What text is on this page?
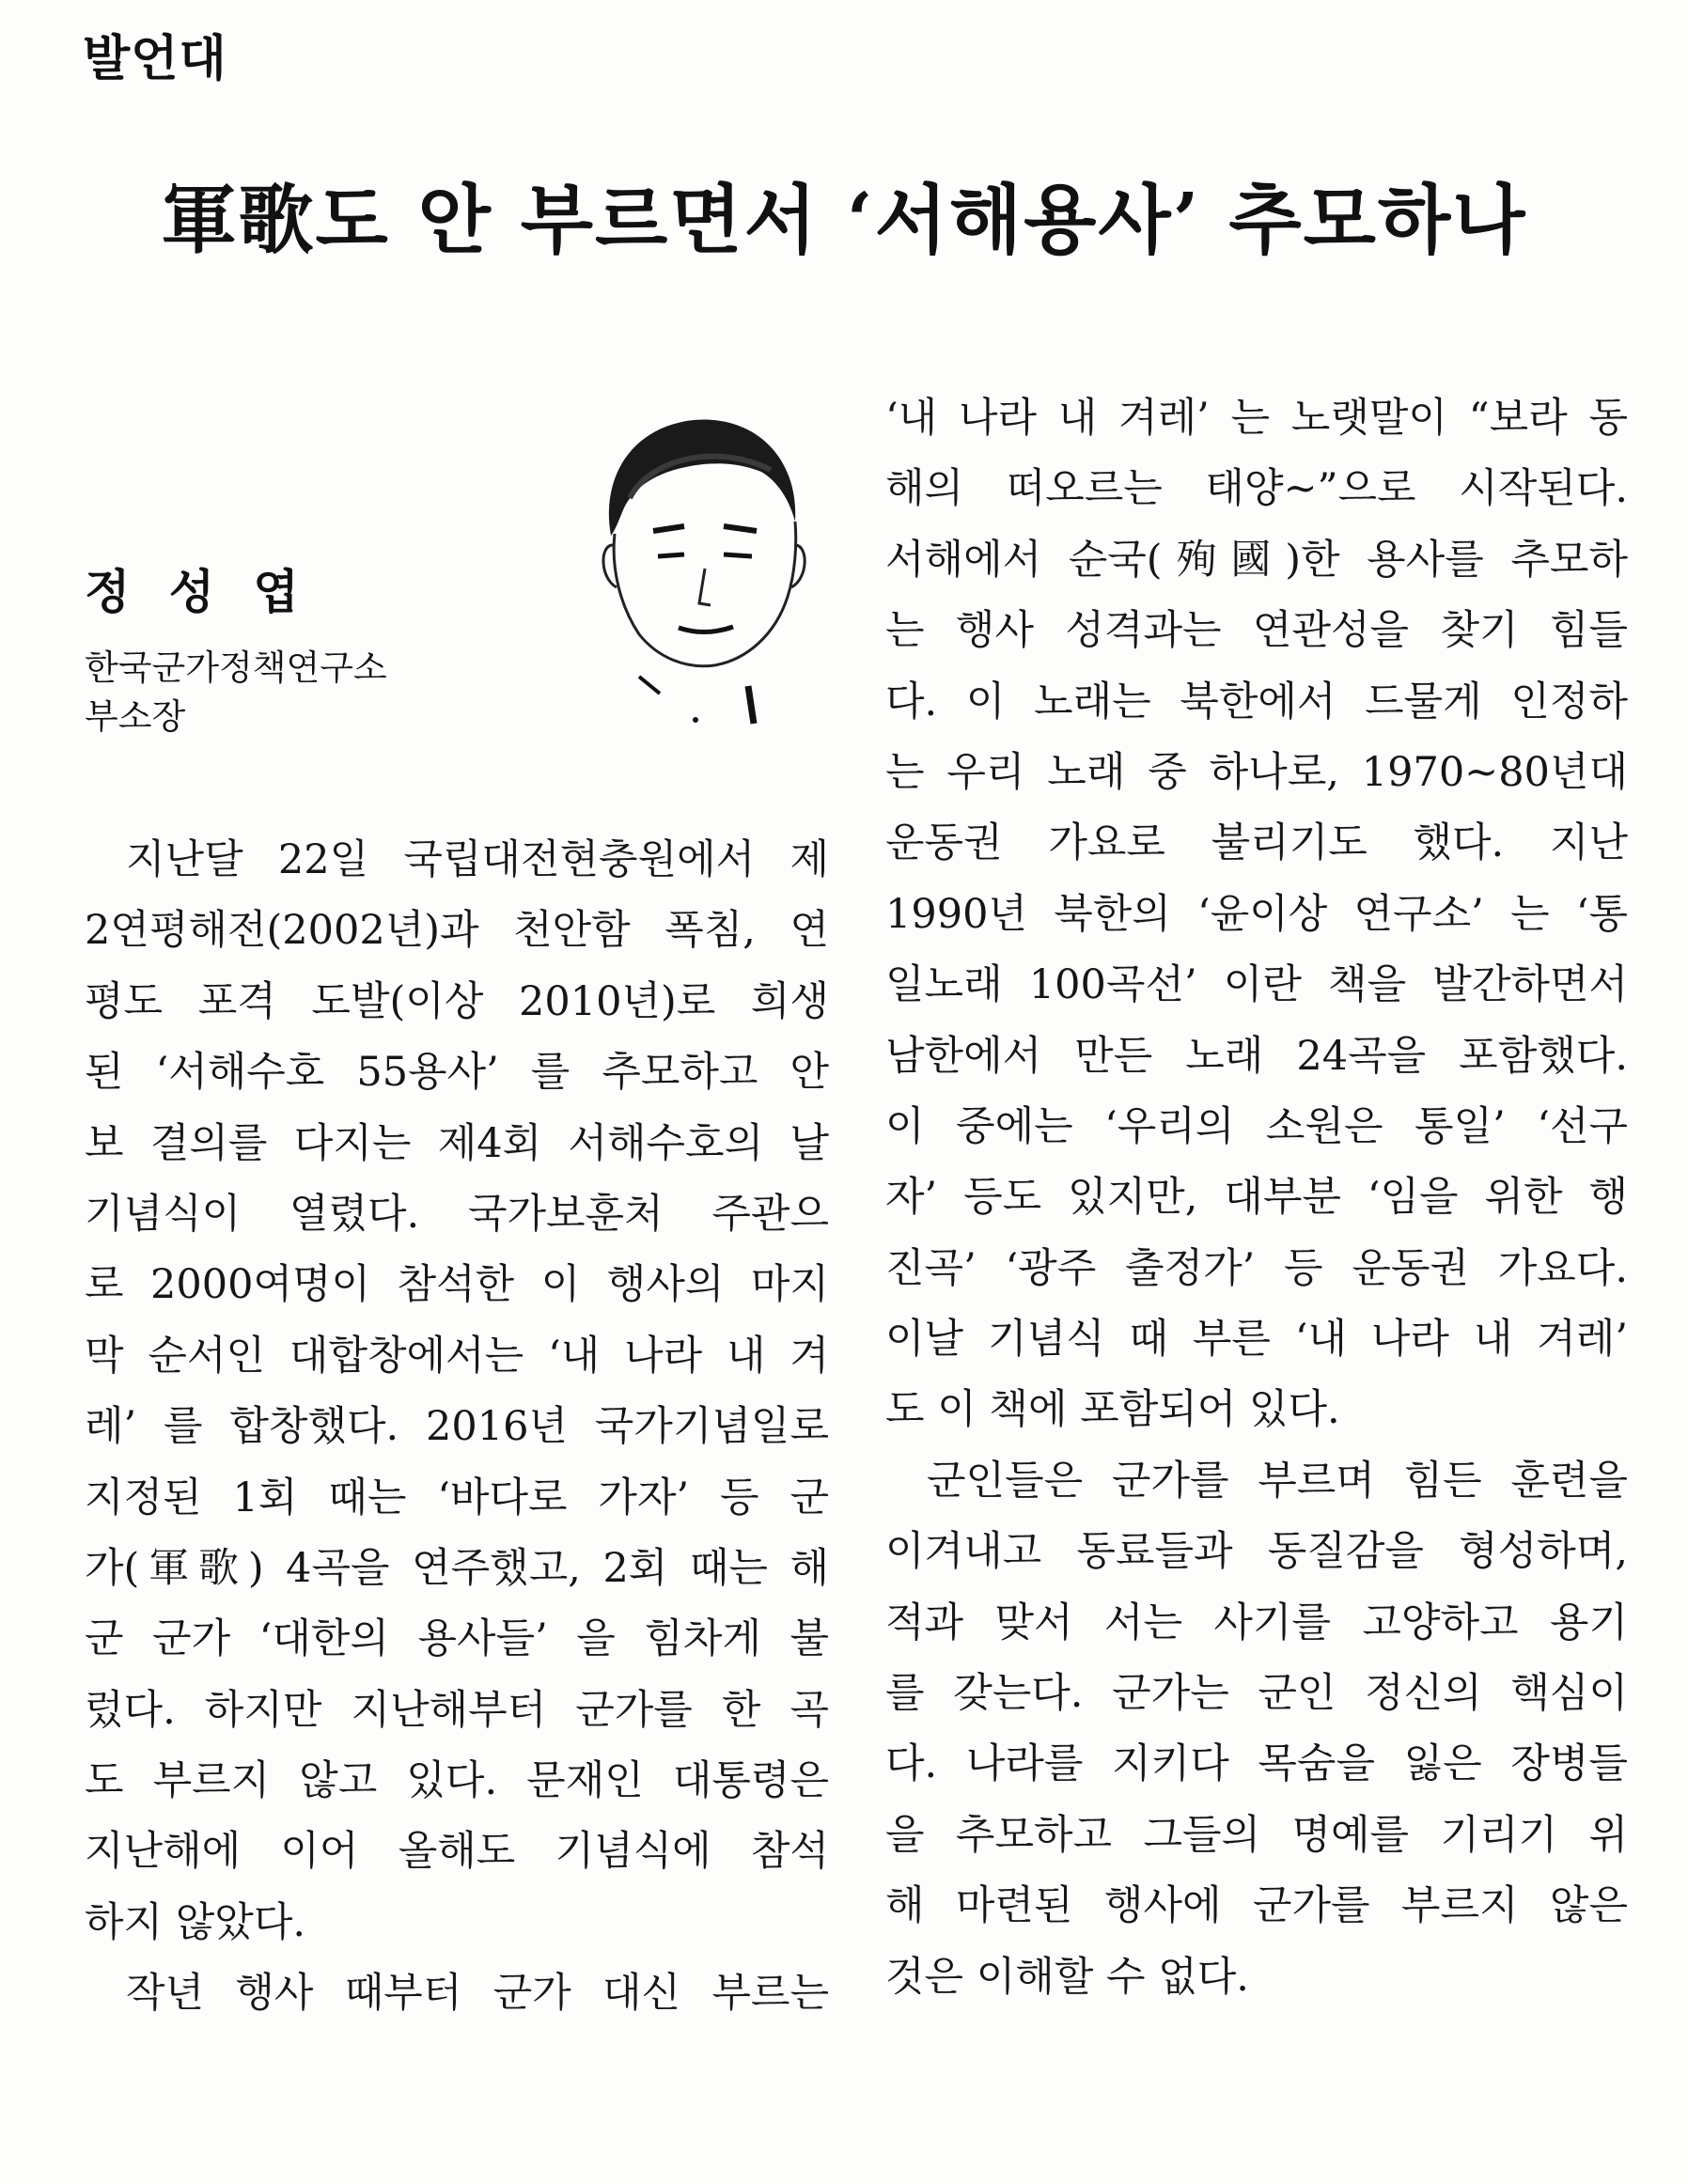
발언대
軍歌도 안 부르면서 ‘서해용사’ 추모하나
정 성 엽
한국군가정책연구소
부소장
지난달 22일 국립대전현충원에서 제
2연평해전(2002년)과 천안함 폭침, 연
평도 포격 도발(이상 2010년)로 희생
된 ‘서해수호 55용사’ 를 추모하고 안
보 결의를 다지는 제4회 서해수호의 날
기념식이 열렸다. 국가보훈처 주관으
로 2000여명이 참석한 이 행사의 마지
막 순서인 대합창에서는 ‘내 나라 내 겨
레’ 를 합창했다. 2016년 국가기념일로
지정된 1회 때는 ‘바다로 가자’ 등 군
가(軍歌) 4곡을 연주했고, 2회 때는 해
군 군가 ‘대한의 용사들’ 을 힘차게 불
렀다. 하지만 지난해부터 군가를 한 곡
도 부르지 않고 있다. 문재인 대통령은
지난해에 이어 올해도 기념식에 참석
하지 않았다.
작년 행사 때부터 군가 대신 부르는
‘내 나라 내 겨레’ 는 노랫말이 “보라 동
해의 떠오르는 태양~”으로 시작된다.
서해에서 순국(殉國)한 용사를 추모하
는 행사 성격과는 연관성을 찾기 힘들
다. 이 노래는 북한에서 드물게 인정하
는 우리 노래 중 하나로, 1970~80년대
운동권 가요로 불리기도 했다. 지난
1990년 북한의 ‘윤이상 연구소’ 는 ‘통
일노래 100곡선’ 이란 책을 발간하면서
남한에서 만든 노래 24곡을 포함했다.
이 중에는 ‘우리의 소원은 통일’ ‘선구
자’ 등도 있지만, 대부분 ‘임을 위한 행
진곡’ ‘광주 출정가’ 등 운동권 가요다.
이날 기념식 때 부른 ‘내 나라 내 겨레’
도 이 책에 포함되어 있다.
군인들은 군가를 부르며 힘든 훈련을
이겨내고 동료들과 동질감을 형성하며,
적과 맞서 서는 사기를 고양하고 용기
를 갖는다. 군가는 군인 정신의 핵심이
다. 나라를 지키다 목숨을 잃은 장병들
을 추모하고 그들의 명예를 기리기 위
해 마련된 행사에 군가를 부르지 않은
것은 이해할 수 없다.
